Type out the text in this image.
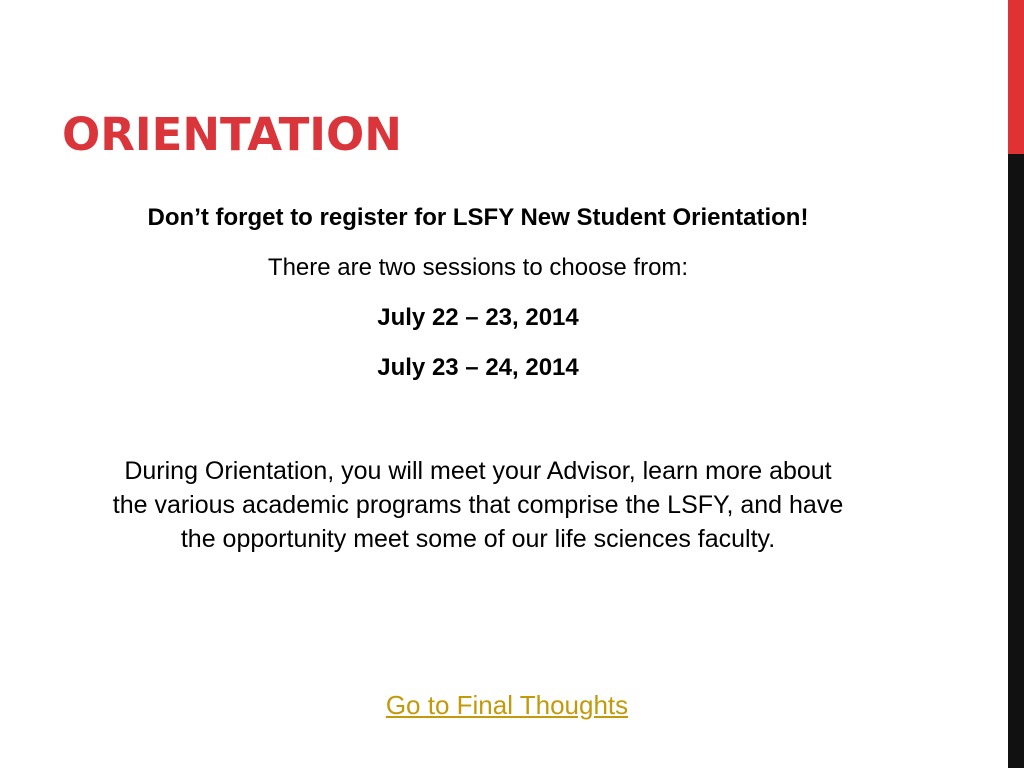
ORIENTATION

Don’t forget to register for LSFY New Student Orientation!

There are two sessions to choose from:

July 22 – 23, 2014

July 23 – 24, 2014

During Orientation, you will meet your Advisor, learn more about
the various academic programs that comprise the LSFY, and have
the opportunity meet some of our life sciences faculty.

Go to Final Thoughts
